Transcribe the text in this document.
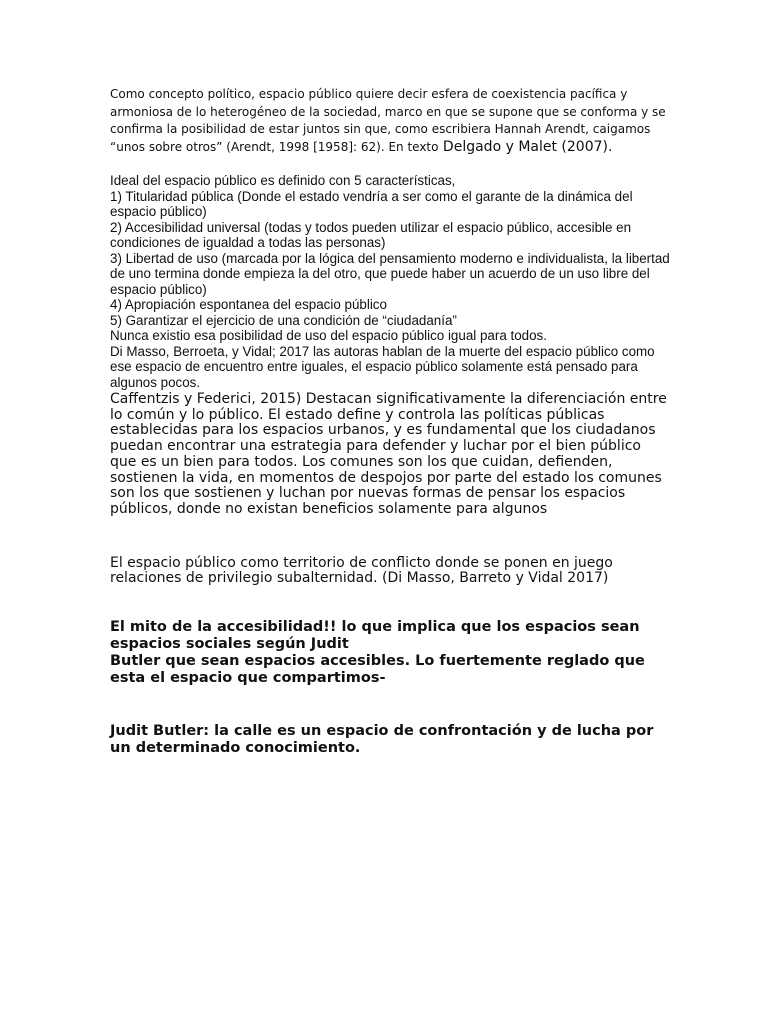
Como concepto político, espacio público quiere decir esfera de coexistencia pacífica y armoniosa de lo heterogéneo de la sociedad, marco en que se supone que se conforma y se confirma la posibilidad de estar juntos sin que, como escribiera Hannah Arendt, caigamos “unos sobre otros” (Arendt, 1998 [1958]: 62). En texto Delgado y Malet (2007).

Ideal del espacio público es definido con 5 características,
1) Titularidad pública (Donde el estado vendría a ser como el garante de la dinámica del espacio público)
2) Accesibilidad universal (todas y todos pueden utilizar el espacio público, accesible en condiciones de igualdad a todas las personas)
3) Libertad de uso (marcada por la lógica del pensamiento moderno e individualista, la libertad de uno termina donde empieza la del otro, que puede haber un acuerdo de un uso libre del espacio público)
4) Apropiación espontanea del espacio público
5) Garantizar el ejercicio de una condición de “ciudadanía”
Nunca existio esa posibilidad de uso del espacio público igual para todos.
Di Masso, Berroeta, y Vidal; 2017 las autoras hablan de la muerte del espacio público como ese espacio de encuentro entre iguales, el espacio público solamente está pensado para algunos pocos.

Caffentzis y Federici, 2015) Destacan significativamente la diferenciación entre lo común y lo público. El estado define y controla las políticas públicas establecidas para los espacios urbanos, y es fundamental que los ciudadanos puedan encontrar una estrategia para defender y luchar por el bien público que es un bien para todos. Los comunes son los que cuidan, defienden, sostienen la vida, en momentos de despojos por parte del estado los comunes son los que sostienen y luchan por nuevas formas de pensar los espacios públicos, donde no existan beneficios solamente para algunos

El espacio público como territorio de conflicto donde se ponen en juego relaciones de privilegio subalternidad. (Di Masso, Barreto y Vidal 2017)

El mito de la accesibilidad!! lo que implica que los espacios sean espacios sociales según Judit
Butler que sean espacios accesibles. Lo fuertemente reglado que esta el espacio que compartimos-

Judit Butler: la calle es un espacio de confrontación y de lucha por un determinado conocimiento.
